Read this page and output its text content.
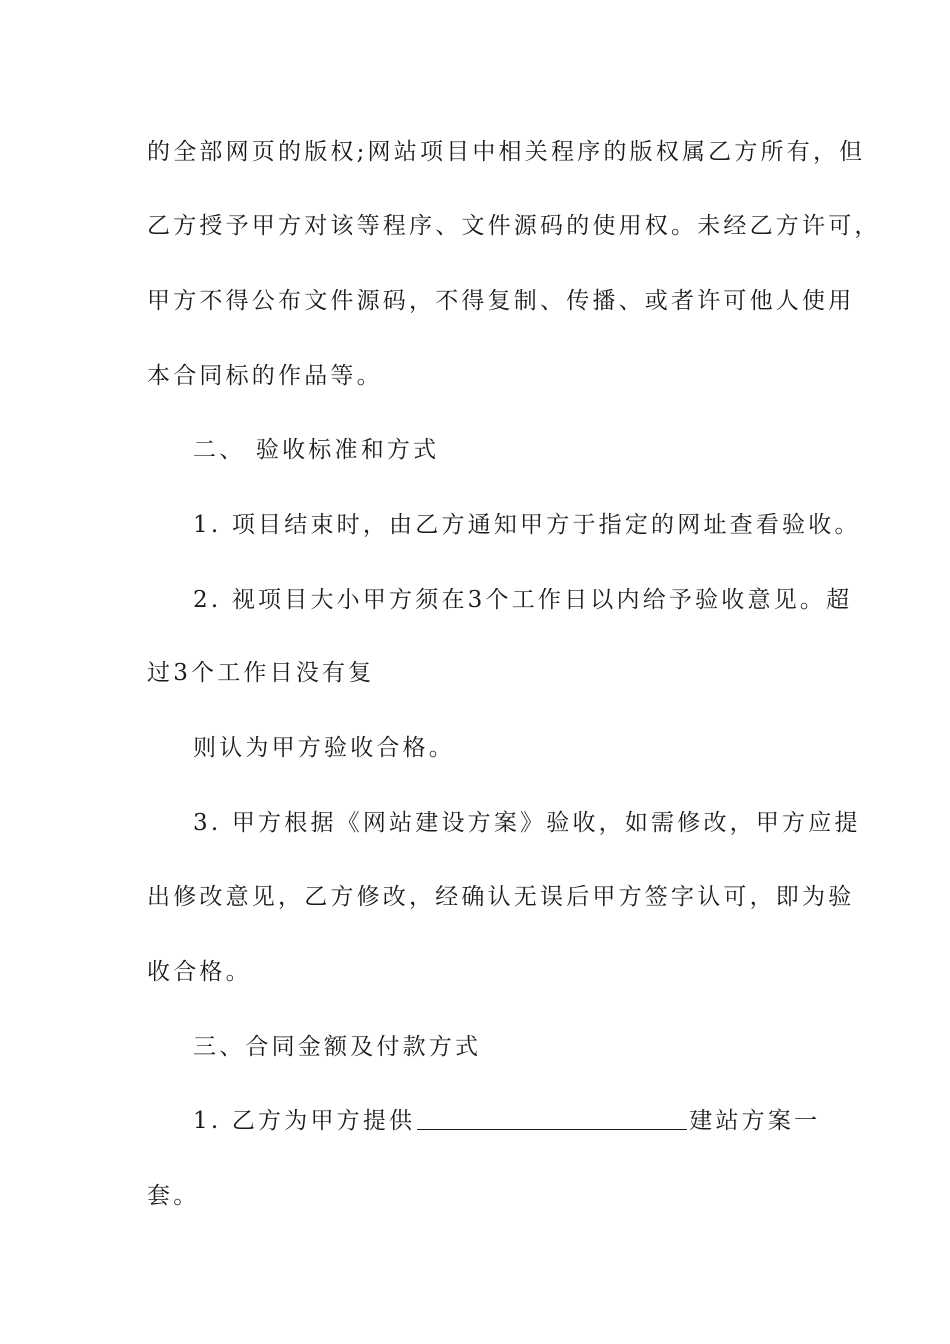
的全部网页的版权;网站项目中相关程序的版权属乙方所有，但
乙方授予甲方对该等程序、文件源码的使用权。未经乙方许可，
甲方不得公布文件源码，不得复制、传播、或者许可他人使用
本合同标的作品等。
二、 验收标准和方式
1. 项目结束时，由乙方通知甲方于指定的网址查看验收。
2. 视项目大小甲方须在3个工作日以内给予验收意见。超
过3个工作日没有复
则认为甲方验收合格。
3. 甲方根据《网站建设方案》验收，如需修改，甲方应提
出修改意见，乙方修改，经确认无误后甲方签字认可，即为验
收合格。
三、合同金额及付款方式
1. 乙方为甲方提供	建站方案一
套。
